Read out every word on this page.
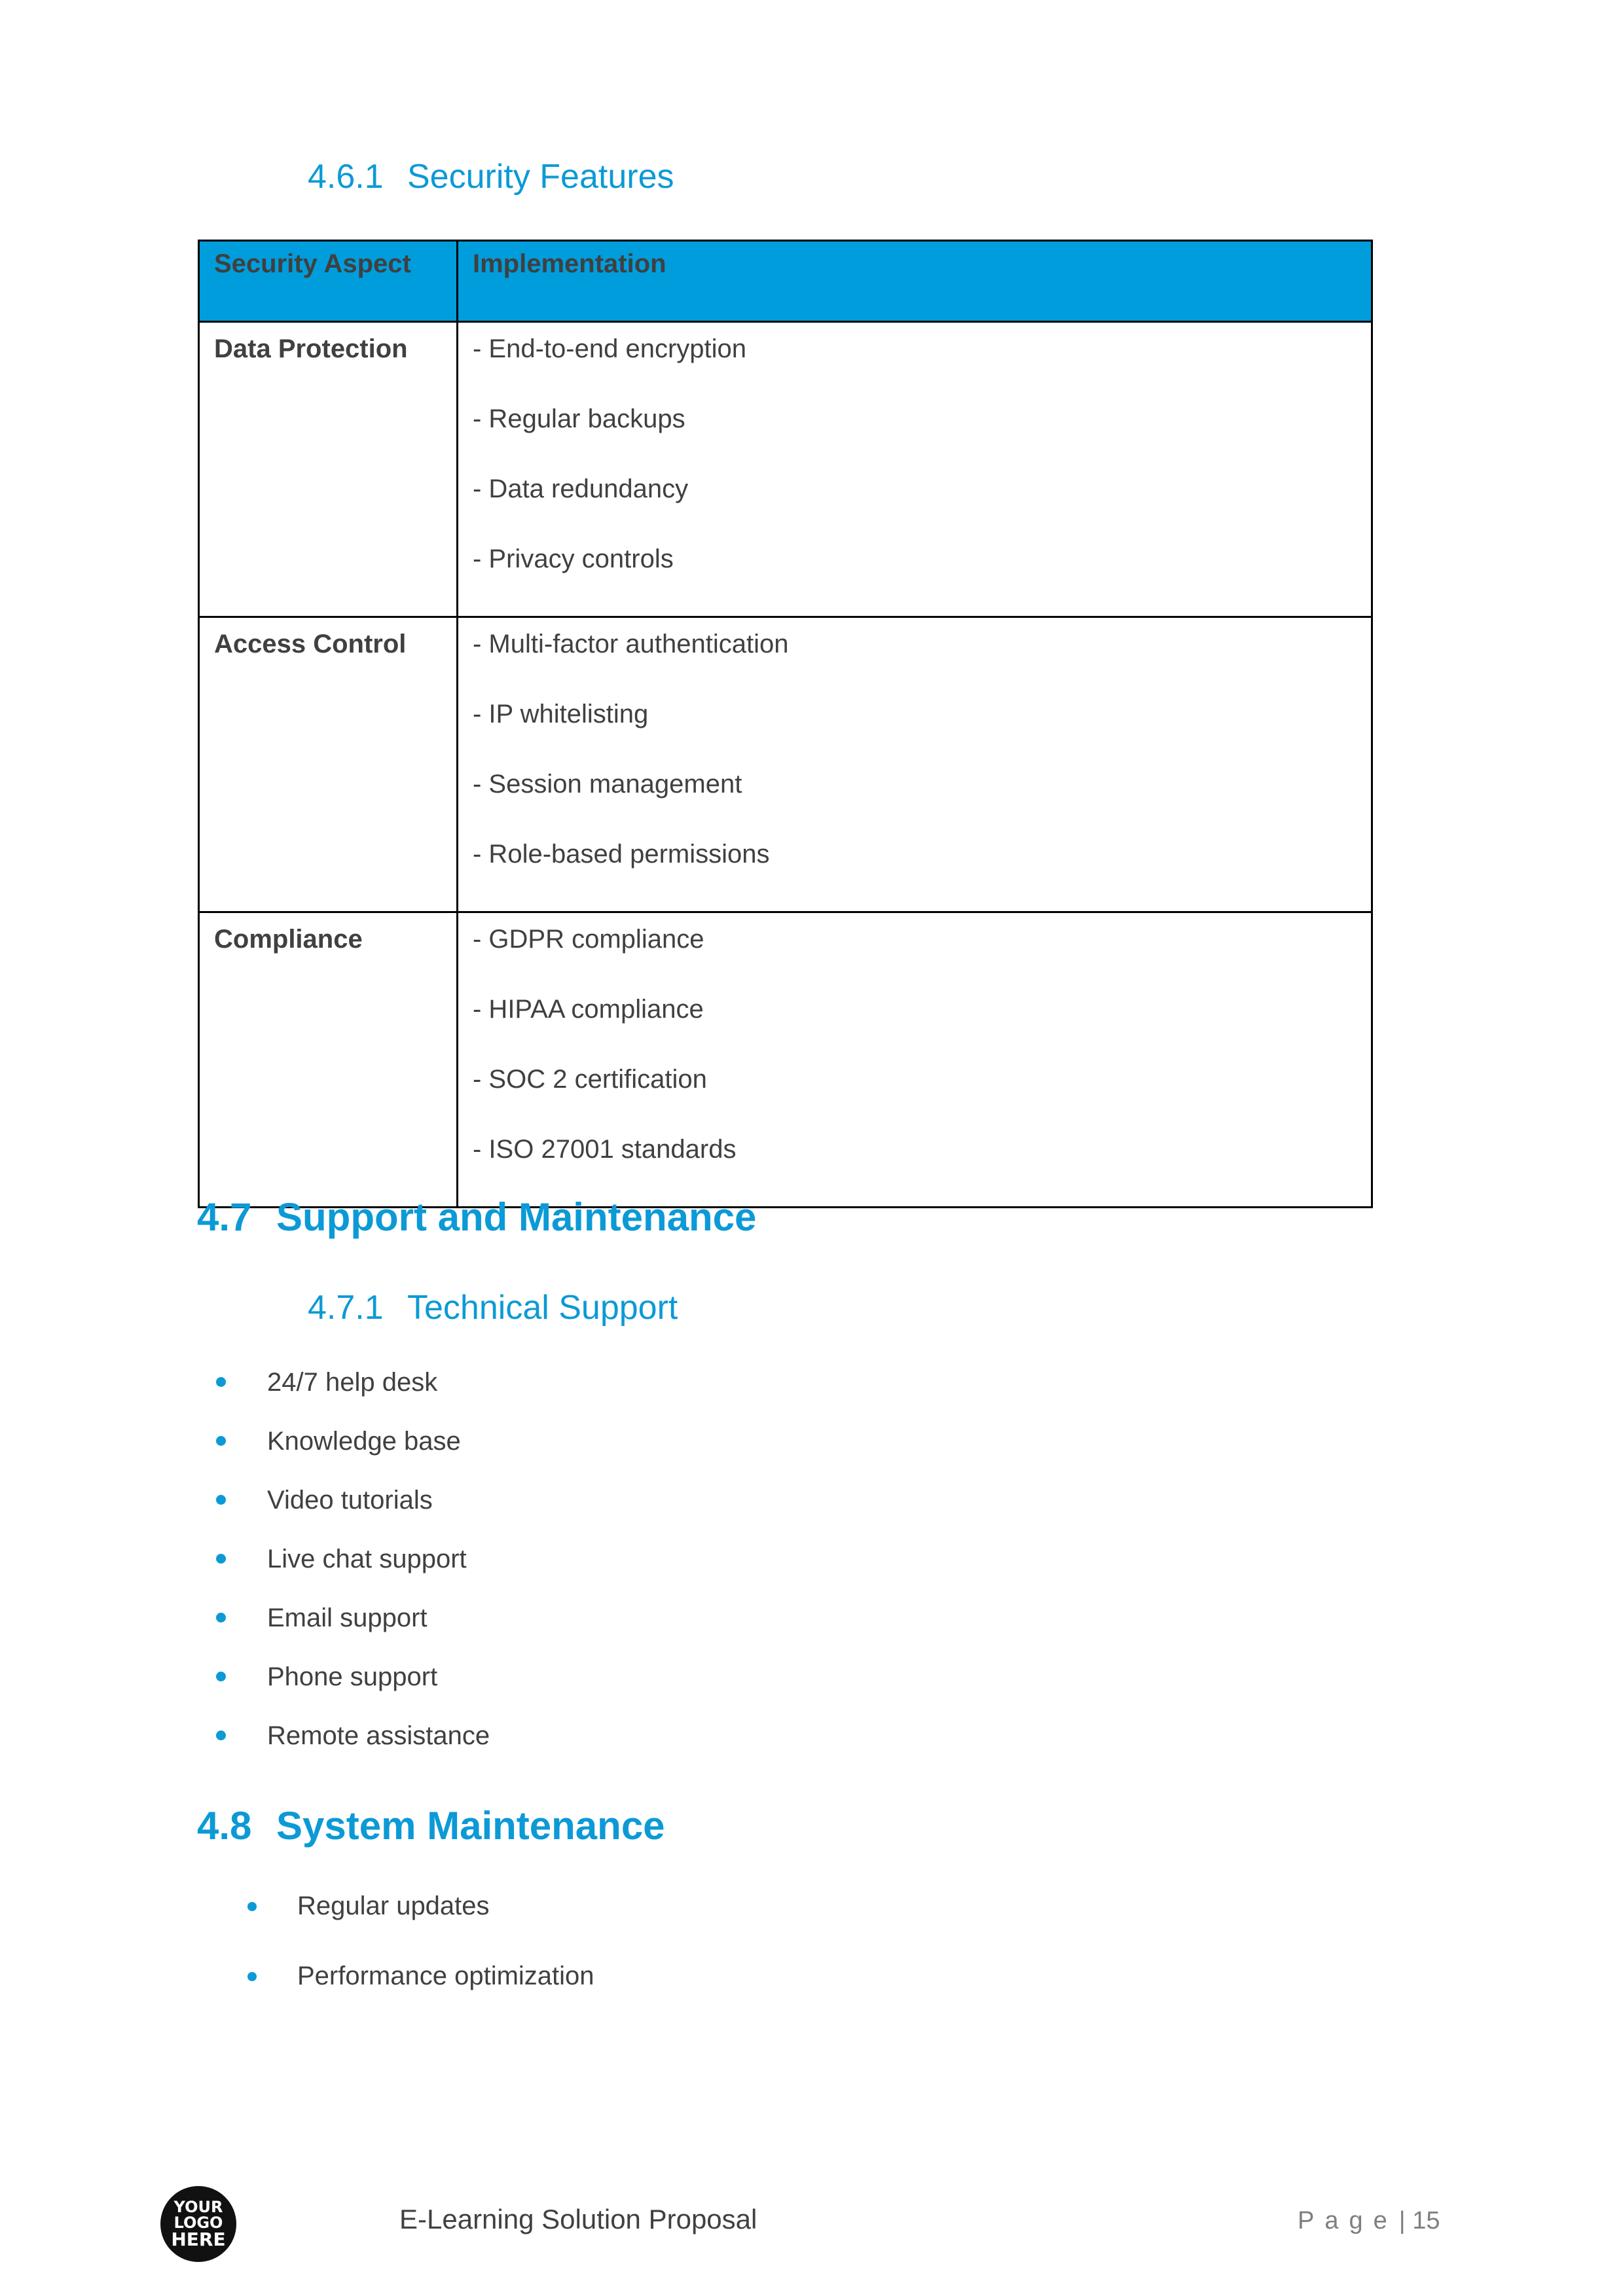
4.6.1 Security Features
Security Aspect	Implementation
Data Protection	- End-to-end encryption
- Regular backups
- Data redundancy
- Privacy controls

Access Control	- Multi-factor authentication
- IP whitelisting
- Session management
- Role-based permissions

Compliance	- GDPR compliance
- HIPAA compliance
- SOC 2 certification
- ISO 27001 standards
4.7 Support and Maintenance
4.7.1 Technical Support
24/7 help desk
Knowledge base
Video tutorials
Live chat support
Email support
Phone support
Remote assistance
4.8 System Maintenance
Regular updates
Performance optimization
YOUR
LOGO
HERE
E-Learning Solution Proposal	Page| 15
